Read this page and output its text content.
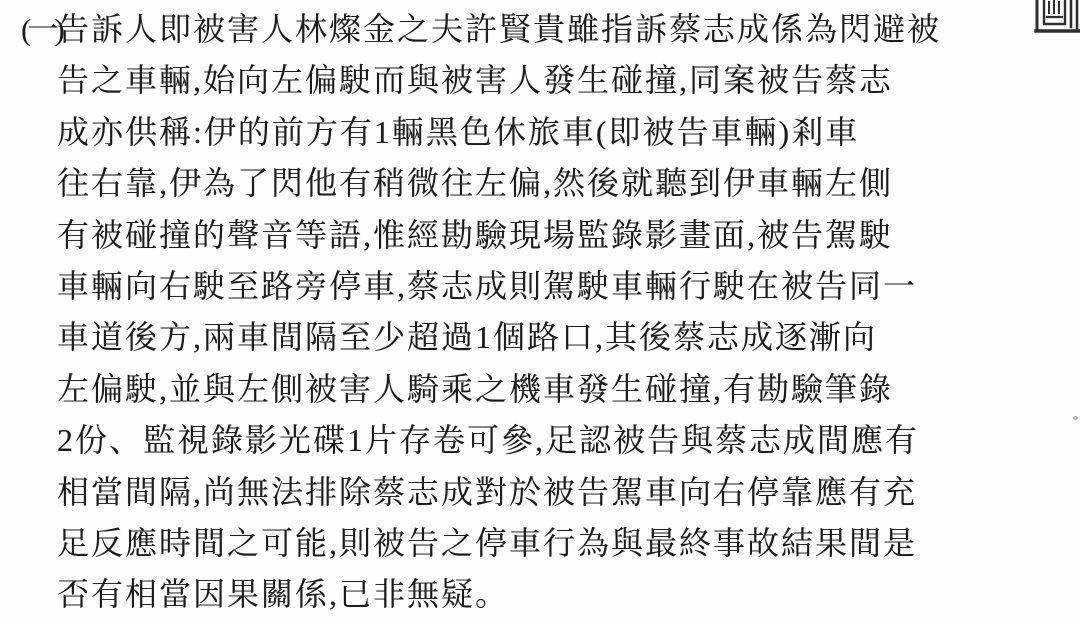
(一)
告訴人即被害人林燦金之夫許賢貴雖指訴蔡志成係為閃避被
告之車輛,始向左偏駛而與被害人發生碰撞,同案被告蔡志
成亦供稱:伊的前方有1輛黑色休旅車(即被告車輛)剎車
往右靠,伊為了閃他有稍微往左偏,然後就聽到伊車輛左側
有被碰撞的聲音等語,惟經勘驗現場監錄影畫面,被告駕駛
車輛向右駛至路旁停車,蔡志成則駕駛車輛行駛在被告同一
車道後方,兩車間隔至少超過1個路口,其後蔡志成逐漸向
左偏駛,並與左側被害人騎乘之機車發生碰撞,有勘驗筆錄
2份、監視錄影光碟1片存卷可參,足認被告與蔡志成間應有
相當間隔,尚無法排除蔡志成對於被告駕車向右停靠應有充
足反應時間之可能,則被告之停車行為與最終事故結果間是
否有相當因果關係,已非無疑。
